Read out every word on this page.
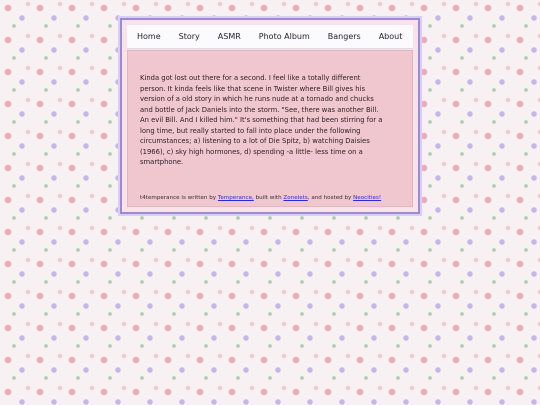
Home Story ASMR Photo Album Bangers About

Kinda got lost out there for a second. I feel like a totally different person. It kinda feels like that scene in Twister where Bill gives his version of a old story in which he runs nude at a tornado and chucks and bottle of Jack Daniels into the storm. "See, there was another Bill. An evil Bill. And I killed him." It's something that had been stirring for a long time, but really started to fall into place under the following circumstances; a) listening to a lot of Die Spitz, b) watching Daisies (1966), c) sky high hormones, d) spending -a little- less time on a smartphone.

t4temperance is written by Temperance, built with Zonelets, and hosted by Neocities!
